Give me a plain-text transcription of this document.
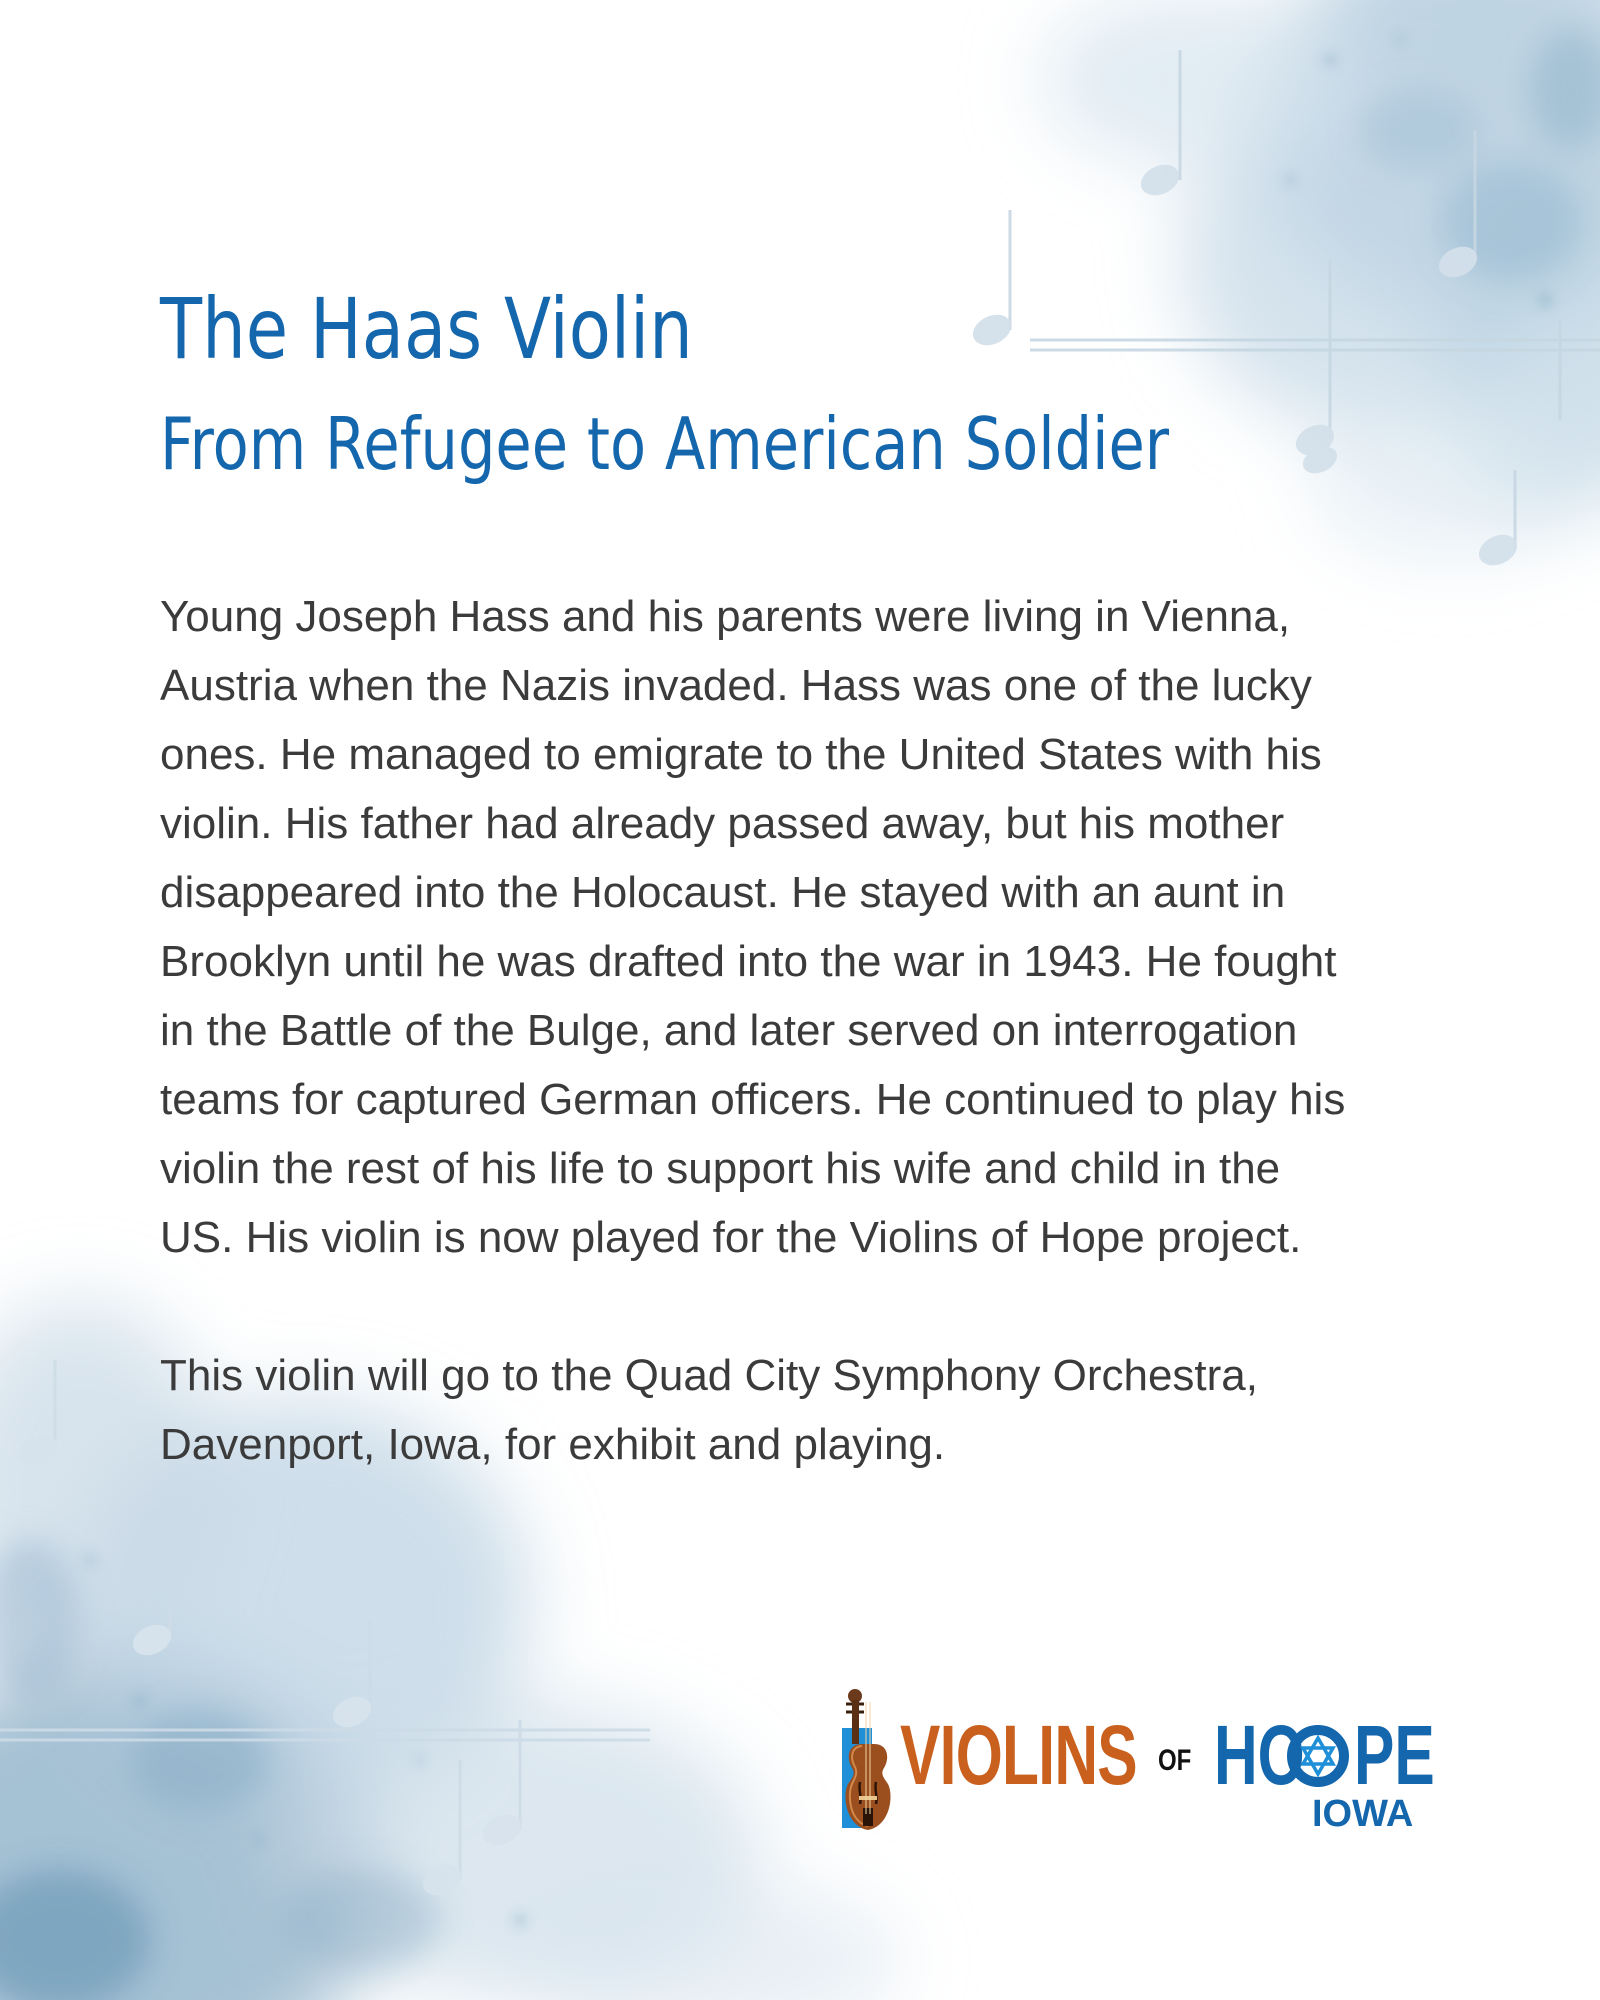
The Haas Violin
From Refugee to American Soldier

Young Joseph Hass and his parents were living in Vienna, Austria when the Nazis invaded. Hass was one of the lucky ones. He managed to emigrate to the United States with his violin. His father had already passed away, but his mother disappeared into the Holocaust. He stayed with an aunt in Brooklyn until he was drafted into the war in 1943. He fought in the Battle of the Bulge, and later served on interrogation teams for captured German officers. He continued to play his violin the rest of his life to support his wife and child in the US. His violin is now played for the Violins of Hope project.

This violin will go to the Quad City Symphony Orchestra, Davenport, Iowa, for exhibit and playing.

VIOLINS OF HO PE
IOWA
